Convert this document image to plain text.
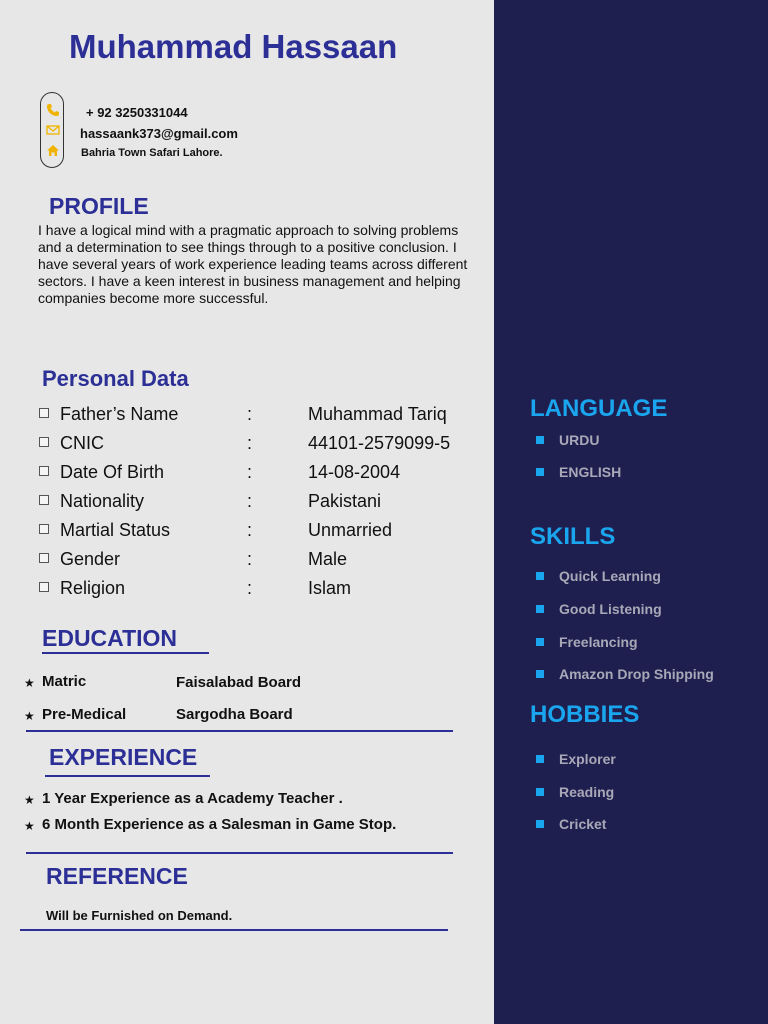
Muhammad Hassaan
+ 92 3250331044
hassaank373@gmail.com
Bahria Town Safari Lahore.
PROFILE
I have a logical mind with a pragmatic approach to solving problems and a determination to see things through to a positive conclusion. I have several years of work experience leading teams across different sectors. I have a keen interest in business management and helping companies become more successful.
Personal Data
Father’s Name	:	Muhammad Tariq
CNIC	:	44101-2579099-5
Date Of Birth	:	14-08-2004
Nationality	:	Pakistani
Martial Status	:	Unmarried
Gender	:	Male
Religion	:	Islam
EDUCATION
★ Matric	Faisalabad Board
★ Pre-Medical	Sargodha Board
EXPERIENCE
★ 1 Year Experience as a Academy Teacher .
★ 6 Month Experience as a Salesman in Game Stop.
REFERENCE
Will be Furnished on Demand.
LANGUAGE
URDU
ENGLISH
SKILLS
Quick Learning
Good Listening
Freelancing
Amazon Drop Shipping
HOBBIES
Explorer
Reading
Cricket
